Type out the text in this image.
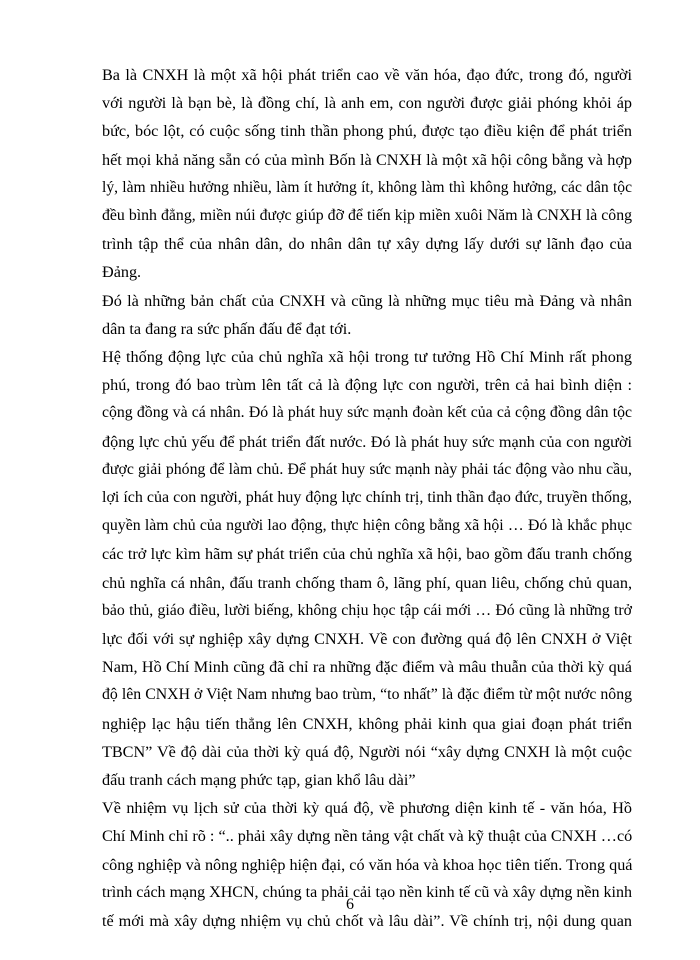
Ba là CNXH là một xã hội phát triển cao về văn hóa, đạo đức, trong đó, người
với người là bạn bè, là đồng chí, là anh em, con người được giải phóng khỏi áp
bức, bóc lột, có cuộc sống tinh thần phong phú, được tạo điều kiện để phát triển
hết mọi khả năng sẵn có của mình Bốn là CNXH là một xã hội công bằng và hợp
lý, làm nhiều hưởng nhiều, làm ít hưởng ít, không làm thì không hưởng, các dân tộc
đều bình đẳng, miền núi được giúp đỡ để tiến kịp miền xuôi Năm là CNXH là công
trình tập thể của nhân dân, do nhân dân tự xây dựng lấy dưới sự lãnh đạo của
Đảng.

Đó là những bản chất của CNXH và cũng là những mục tiêu mà Đảng và nhân
dân ta đang ra sức phấn đấu để đạt tới.

Hệ thống động lực của chủ nghĩa xã hội trong tư tưởng Hồ Chí Minh rất phong
phú, trong đó bao trùm lên tất cả là động lực con người, trên cả hai bình diện :
cộng đồng và cá nhân. Đó là phát huy sức mạnh đoàn kết của cả cộng đồng dân tộc
động lực chủ yếu để phát triển đất nước. Đó là phát huy sức mạnh của con người
được giải phóng để làm chủ. Để phát huy sức mạnh này phải tác động vào nhu cầu,
lợi ích của con người, phát huy động lực chính trị, tinh thần đạo đức, truyền thống,
quyền làm chủ của người lao động, thực hiện công bằng xã hội … Đó là khắc phục
các trở lực kìm hãm sự phát triển của chủ nghĩa xã hội, bao gồm đấu tranh chống
chủ nghĩa cá nhân, đấu tranh chống tham ô, lãng phí, quan liêu, chống chủ quan,
bảo thủ, giáo điều, lười biếng, không chịu học tập cái mới … Đó cũng là những trở
lực đối với sự nghiệp xây dựng CNXH. Về con đường quá độ lên CNXH ở Việt
Nam, Hồ Chí Minh cũng đã chỉ ra những đặc điểm và mâu thuẫn của thời kỳ quá
độ lên CNXH ở Việt Nam nhưng bao trùm, “to nhất” là đặc điểm từ một nước nông
nghiệp lạc hậu tiến thẳng lên CNXH, không phải kinh qua giai đoạn phát triển
TBCN” Về độ dài của thời kỳ quá độ, Người nói “xây dựng CNXH là một cuộc
đấu tranh cách mạng phức tạp, gian khổ lâu dài”

Về nhiệm vụ lịch sử của thời kỳ quá độ, về phương diện kinh tế - văn hóa, Hồ
Chí Minh chỉ rõ : “.. phải xây dựng nền tảng vật chất và kỹ thuật của CNXH …có
công nghiệp và nông nghiệp hiện đại, có văn hóa và khoa học tiên tiến. Trong quá
trình cách mạng XHCN, chúng ta phải cải tạo nền kinh tế cũ và xây dựng nền kinh
tế mới mà xây dựng nhiệm vụ chủ chốt và lâu dài”. Về chính trị, nội dung quan

6
